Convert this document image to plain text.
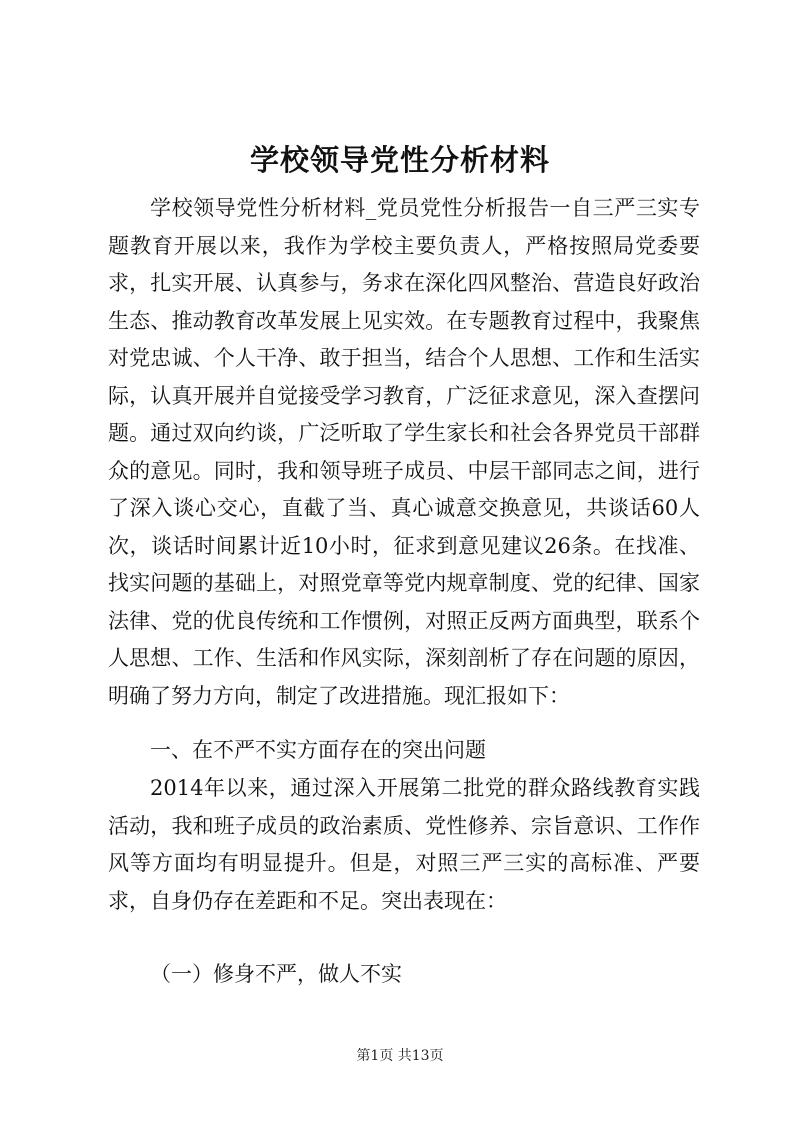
学校领导党性分析材料

学校领导党性分析材料_党员党性分析报告一自三严三实专题教育开展以来，我作为学校主要负责人，严格按照局党委要求，扎实开展、认真参与，务求在深化四风整治、营造良好政治生态、推动教育改革发展上见实效。在专题教育过程中，我聚焦对党忠诚、个人干净、敢于担当，结合个人思想、工作和生活实际，认真开展并自觉接受学习教育，广泛征求意见，深入查摆问题。通过双向约谈，广泛听取了学生家长和社会各界党员干部群众的意见。同时，我和领导班子成员、中层干部同志之间，进行了深入谈心交心，直截了当、真心诚意交换意见，共谈话60人次，谈话时间累计近10小时，征求到意见建议26条。在找准、找实问题的基础上，对照党章等党内规章制度、党的纪律、国家法律、党的优良传统和工作惯例，对照正反两方面典型，联系个人思想、工作、生活和作风实际，深刻剖析了存在问题的原因，明确了努力方向，制定了改进措施。现汇报如下：

一、在不严不实方面存在的突出问题

2014年以来，通过深入开展第二批党的群众路线教育实践活动，我和班子成员的政治素质、党性修养、宗旨意识、工作作风等方面均有明显提升。但是，对照三严三实的高标准、严要求，自身仍存在差距和不足。突出表现在：

（一）修身不严，做人不实

第1页 共13页
